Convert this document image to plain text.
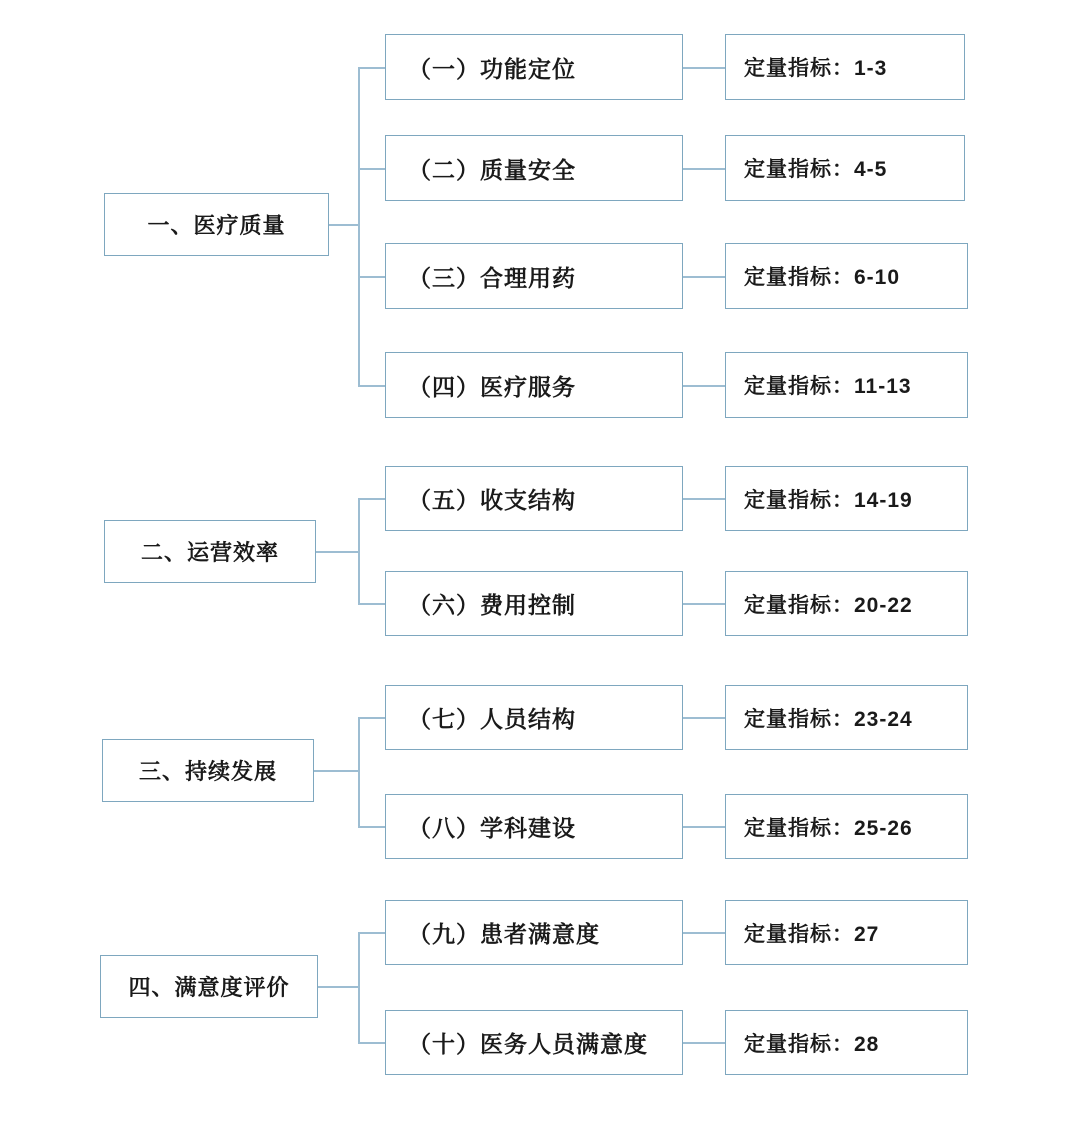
一、医疗质量
（一）功能定位	定量指标：1-3
（二）质量安全	定量指标：4-5
（三）合理用药	定量指标：6-10
（四）医疗服务	定量指标：11-13
二、运营效率
（五）收支结构	定量指标：14-19
（六）费用控制	定量指标：20-22
三、持续发展
（七）人员结构	定量指标：23-24
（八）学科建设	定量指标：25-26
四、满意度评价
（九）患者满意度	定量指标：27
（十）医务人员满意度	定量指标：28
